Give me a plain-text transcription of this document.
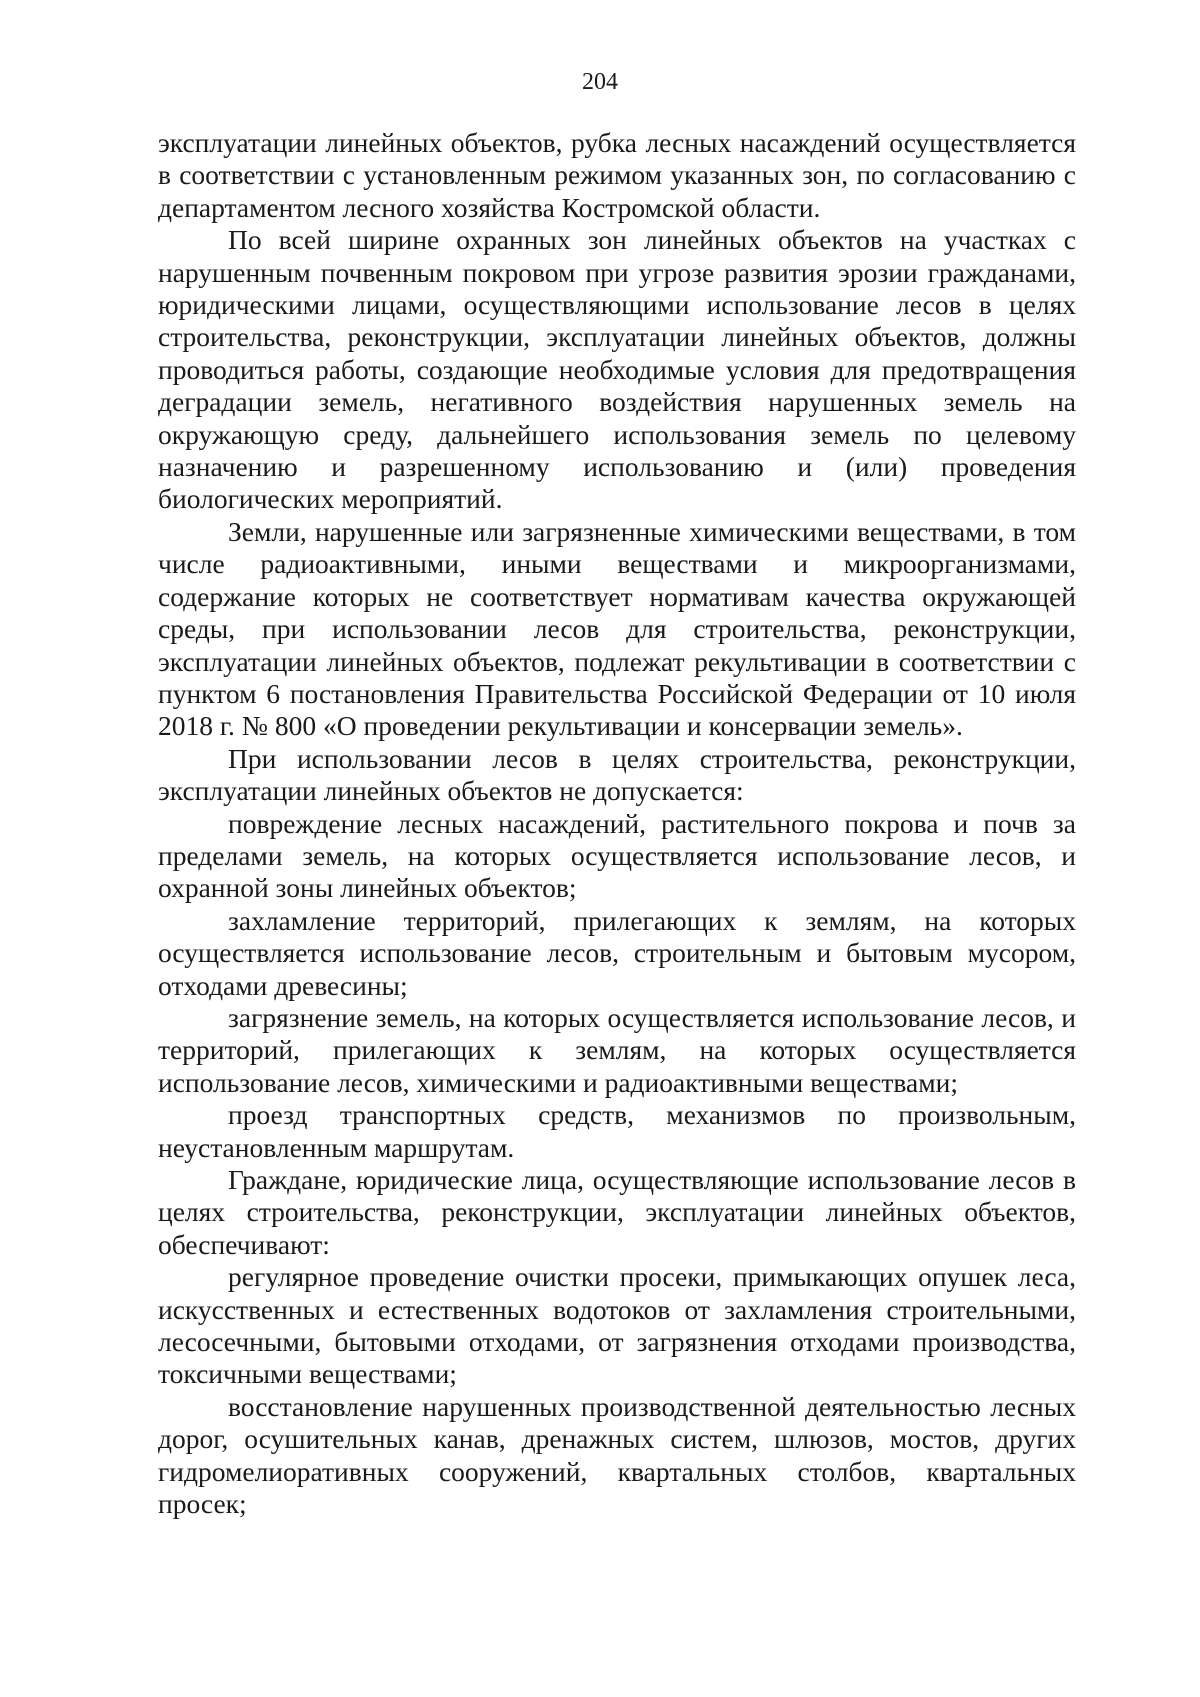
204

эксплуатации линейных объектов, рубка лесных насаждений осуществляется в соответствии с установленным режимом указанных зон, по согласованию с департаментом лесного хозяйства Костромской области.

По всей ширине охранных зон линейных объектов на участках с нарушенным почвенным покровом при угрозе развития эрозии гражданами, юридическими лицами, осуществляющими использование лесов в целях строительства, реконструкции, эксплуатации линейных объектов, должны проводиться работы, создающие необходимые условия для предотвращения деградации земель, негативного воздействия нарушенных земель на окружающую среду, дальнейшего использования земель по целевому назначению и разрешенному использованию и (или) проведения биологических мероприятий.

Земли, нарушенные или загрязненные химическими веществами, в том числе радиоактивными, иными веществами и микроорганизмами, содержание которых не соответствует нормативам качества окружающей среды, при использовании лесов для строительства, реконструкции, эксплуатации линейных объектов, подлежат рекультивации в соответствии с пунктом 6 постановления Правительства Российской Федерации от 10 июля 2018 г. № 800 «О проведении рекультивации и консервации земель».

При использовании лесов в целях строительства, реконструкции, эксплуатации линейных объектов не допускается:

повреждение лесных насаждений, растительного покрова и почв за пределами земель, на которых осуществляется использование лесов, и охранной зоны линейных объектов;

захламление территорий, прилегающих к землям, на которых осуществляется использование лесов, строительным и бытовым мусором, отходами древесины;

загрязнение земель, на которых осуществляется использование лесов, и территорий, прилегающих к землям, на которых осуществляется использование лесов, химическими и радиоактивными веществами;

проезд транспортных средств, механизмов по произвольным, неустановленным маршрутам.

Граждане, юридические лица, осуществляющие использование лесов в целях строительства, реконструкции, эксплуатации линейных объектов, обеспечивают:

регулярное проведение очистки просеки, примыкающих опушек леса, искусственных и естественных водотоков от захламления строительными, лесосечными, бытовыми отходами, от загрязнения отходами производства, токсичными веществами;

восстановление нарушенных производственной деятельностью лесных дорог, осушительных канав, дренажных систем, шлюзов, мостов, других гидромелиоративных сооружений, квартальных столбов, квартальных просек;
